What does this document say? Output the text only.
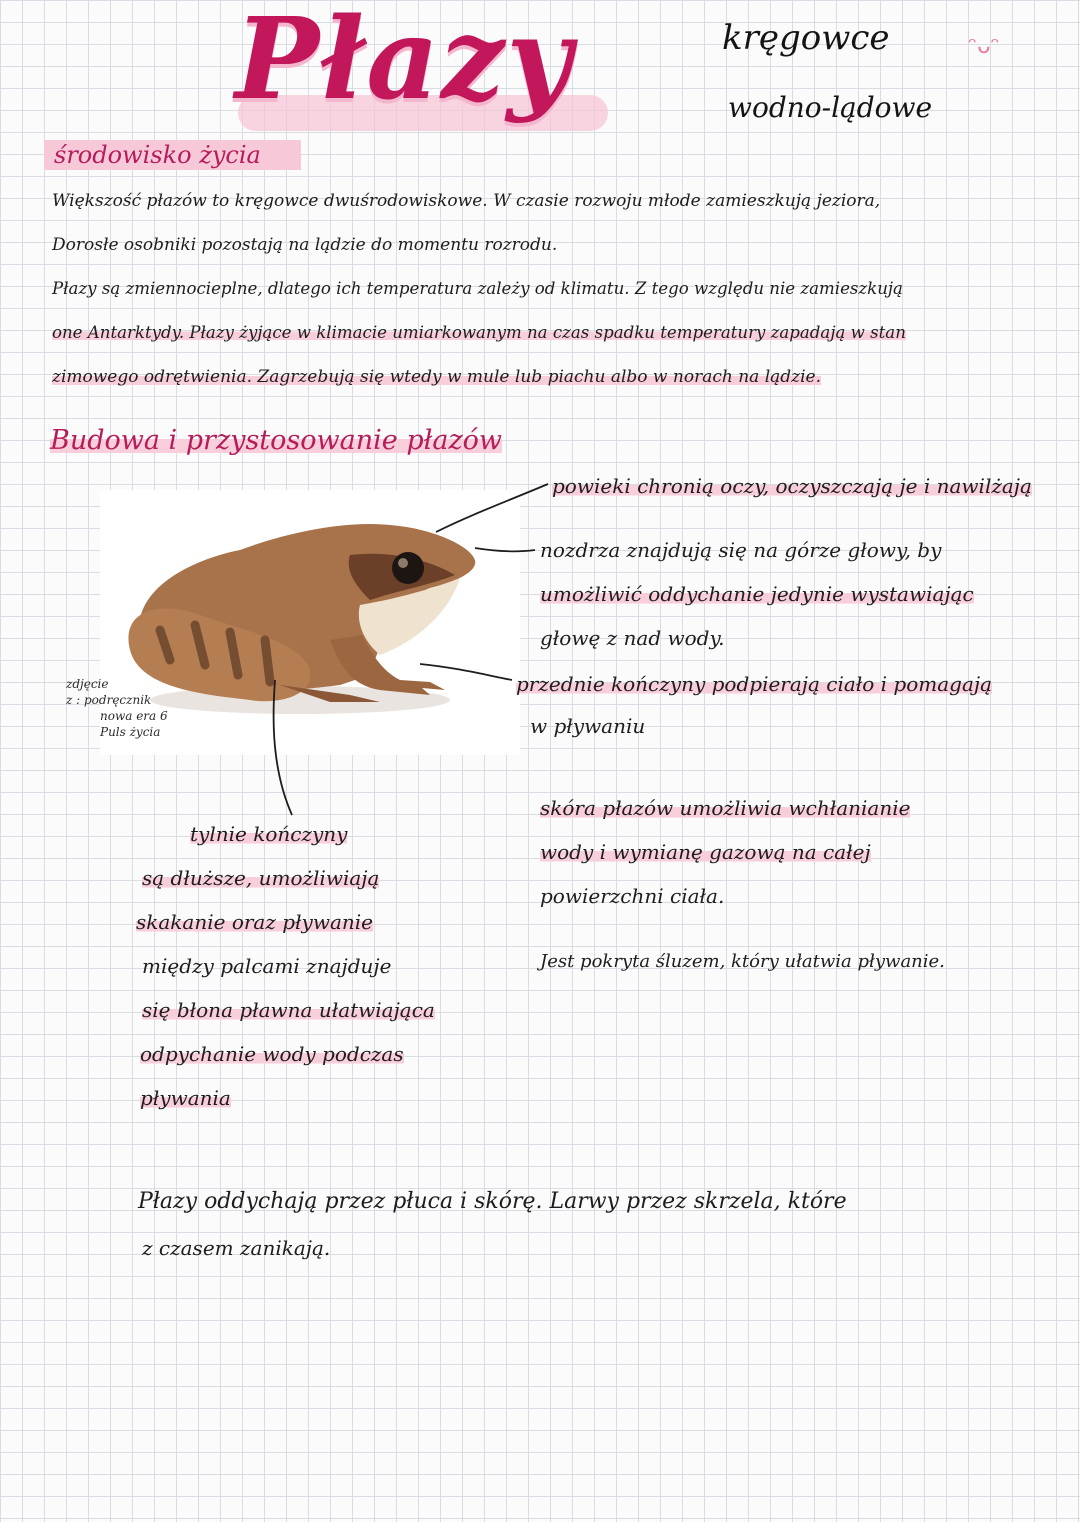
Płazy	kręgowce
wodno-lądowe
ᵔᴗᵔ
środowisko życia
Większość płazów to kręgowce dwuśrodowiskowe. W czasie rozwoju młode zamieszkują jeziora,
Dorosłe osobniki pozostają na lądzie do momentu rozrodu.
Płazy są zmiennocieplne, dlatego ich temperatura zależy od klimatu. Z tego względu nie zamieszkują
one Antarktydy. Płazy żyjące w klimacie umiarkowanym na czas spadku temperatury zapadają w stan
zimowego odrętwienia. Zagrzebują się wtedy w mule lub piachu albo w norach na lądzie.
Budowa i przystosowanie płazów
zdjęcie
z : podręcznik
nowa era 6
Puls życia
powieki chronią oczy, oczyszczają je i nawilżają
nozdrza znajdują się na górze głowy, by
umożliwić oddychanie jedynie wystawiając
głowę z nad wody.
przednie kończyny podpierają ciało i pomagają
w pływaniu
skóra płazów umożliwia wchłanianie
wody i wymianę gazową na całej
powierzchni ciała.
Jest pokryta śluzem, który ułatwia pływanie.
tylnie kończyny
są dłuższe, umożliwiają
skakanie oraz pływanie
między palcami znajduje
się błona pławna ułatwiająca
odpychanie wody podczas
pływania
Płazy oddychają przez płuca i skórę. Larwy przez skrzela, które
z czasem zanikają.
